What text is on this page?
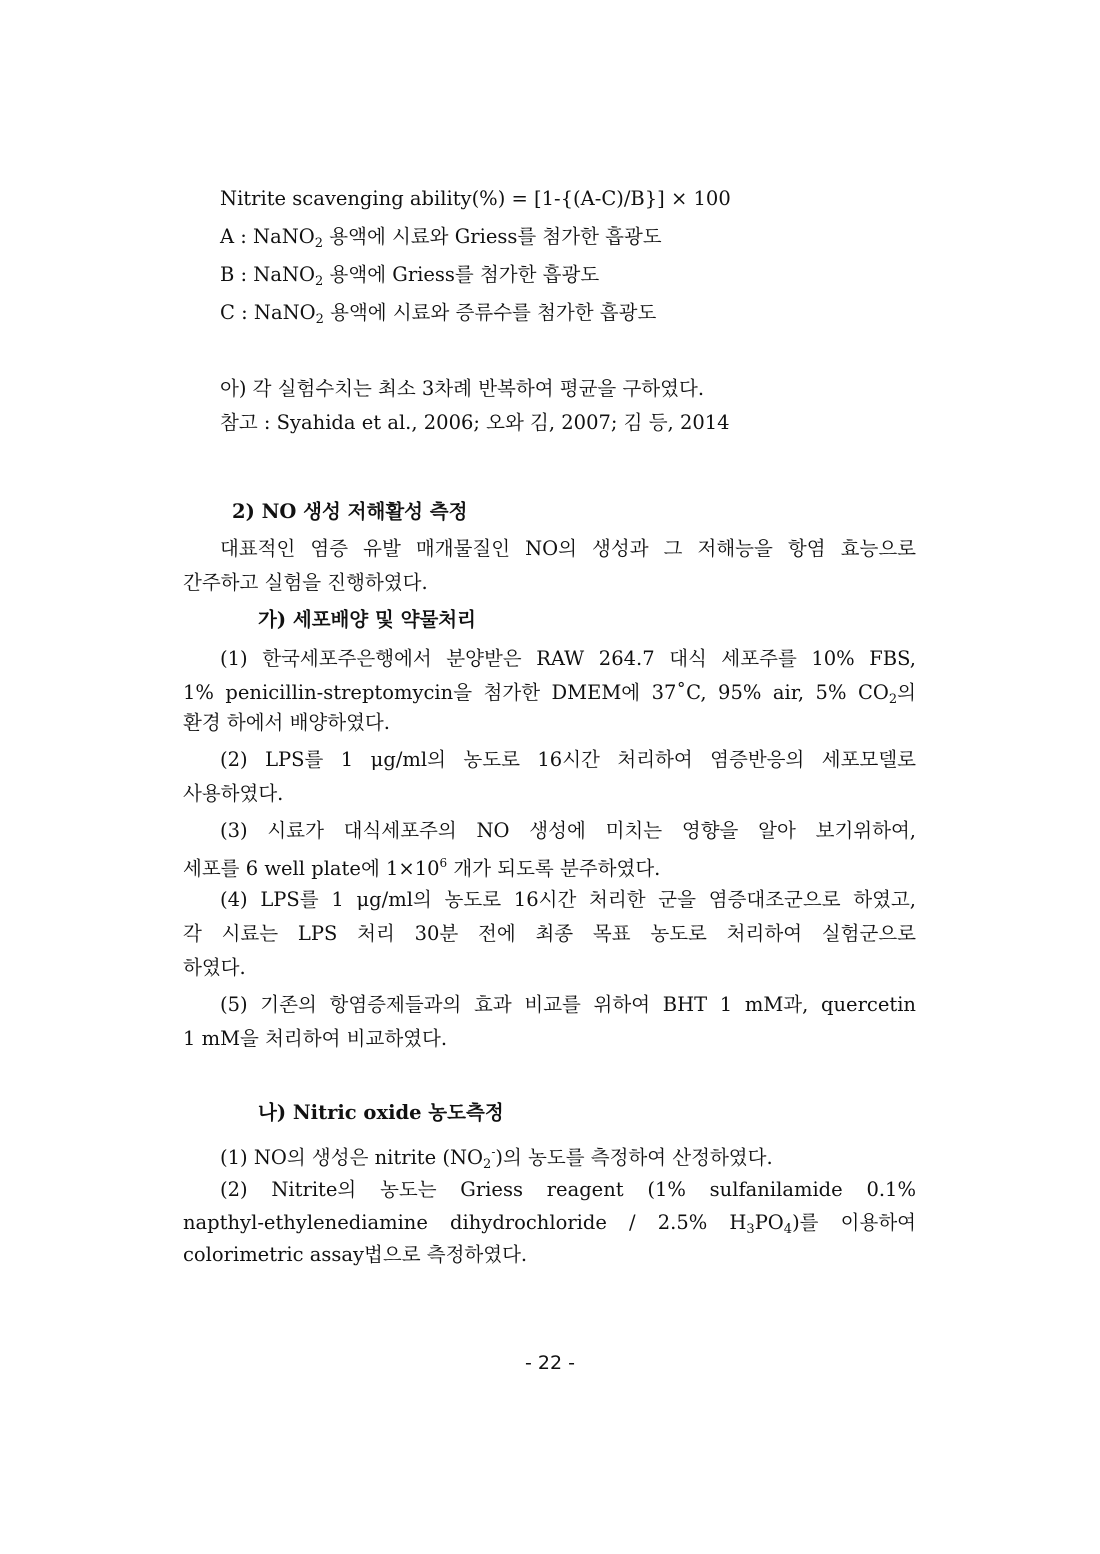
Nitrite scavenging ability(%) = [1-{(A-C)/B}] × 100
A : NaNO$_2$ 용액에 시료와 Griess를 첨가한 흡광도
B : NaNO$_2$ 용액에 Griess를 첨가한 흡광도
C : NaNO$_2$ 용액에 시료와 증류수를 첨가한 흡광도
아) 각 실험수치는 최소 3차례 반복하여 평균을 구하였다.
참고 : Syahida et al., 2006; 오와 김, 2007; 김 등, 2014
2) NO 생성 저해활성 측정
대표적인 염증 유발 매개물질인 NO의 생성과 그 저해능을 항염 효능으로
간주하고 실험을 진행하였다.
가) 세포배양 및 약물처리
(1) 한국세포주은행에서 분양받은 RAW 264.7 대식 세포주를 10% FBS,
1% penicillin-streptomycin을 첨가한 DMEM에 37˚C, 95% air, 5% $CO_2$의
환경 하에서 배양하였다.
(2) LPS를 1 μg/ml의 농도로 16시간 처리하여 염증반응의 세포모델로
사용하였다.
(3) 시료가 대식세포주의 NO 생성에 미치는 영향을 알아 보기위하여,
세포를 6 well plate에 $1\times 10^6$ 개가 되도록 분주하였다.
(4) LPS를 1 μg/ml의 농도로 16시간 처리한 군을 염증대조군으로 하였고,
각 시료는 LPS 처리 30분 전에 최종 목표 농도로 처리하여 실험군으로
하였다.
(5) 기존의 항염증제들과의 효과 비교를 위하여 BHT 1 mM과, quercetin
1 mM을 처리하여 비교하였다.
나) Nitric oxide 농도측정
(1) NO의 생성은 nitrite $(NO_2^-)$의 농도를 측정하여 산정하였다.
(2) Nitrite의 농도는 Griess reagent (1% sulfanilamide 0.1%
napthyl-ethylenediamine dihydrochloride / 2.5% $H_3PO_4$)를 이용하여
colorimetric assay법으로 측정하였다.
- 22 -
